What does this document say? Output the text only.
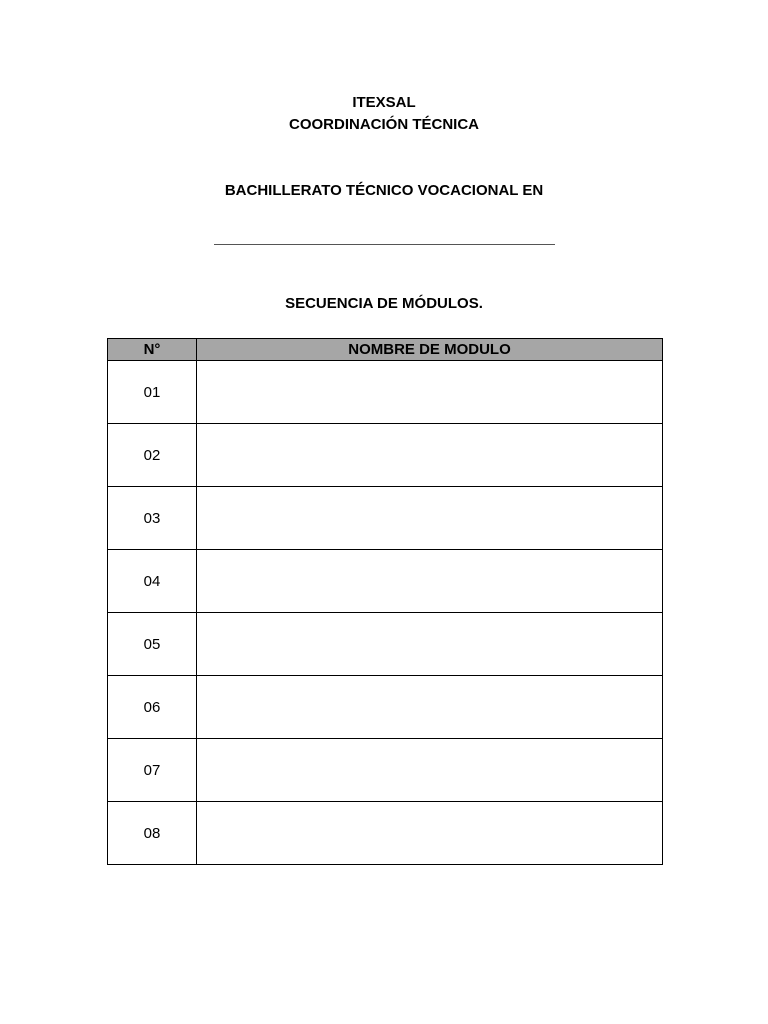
ITEXSAL
COORDINACIÓN TÉCNICA
BACHILLERATO TÉCNICO VOCACIONAL EN
SECUENCIA DE MÓDULOS.
N°	NOMBRE DE MODULO
01	
02	
03	
04	
05	
06	
07	
08	
